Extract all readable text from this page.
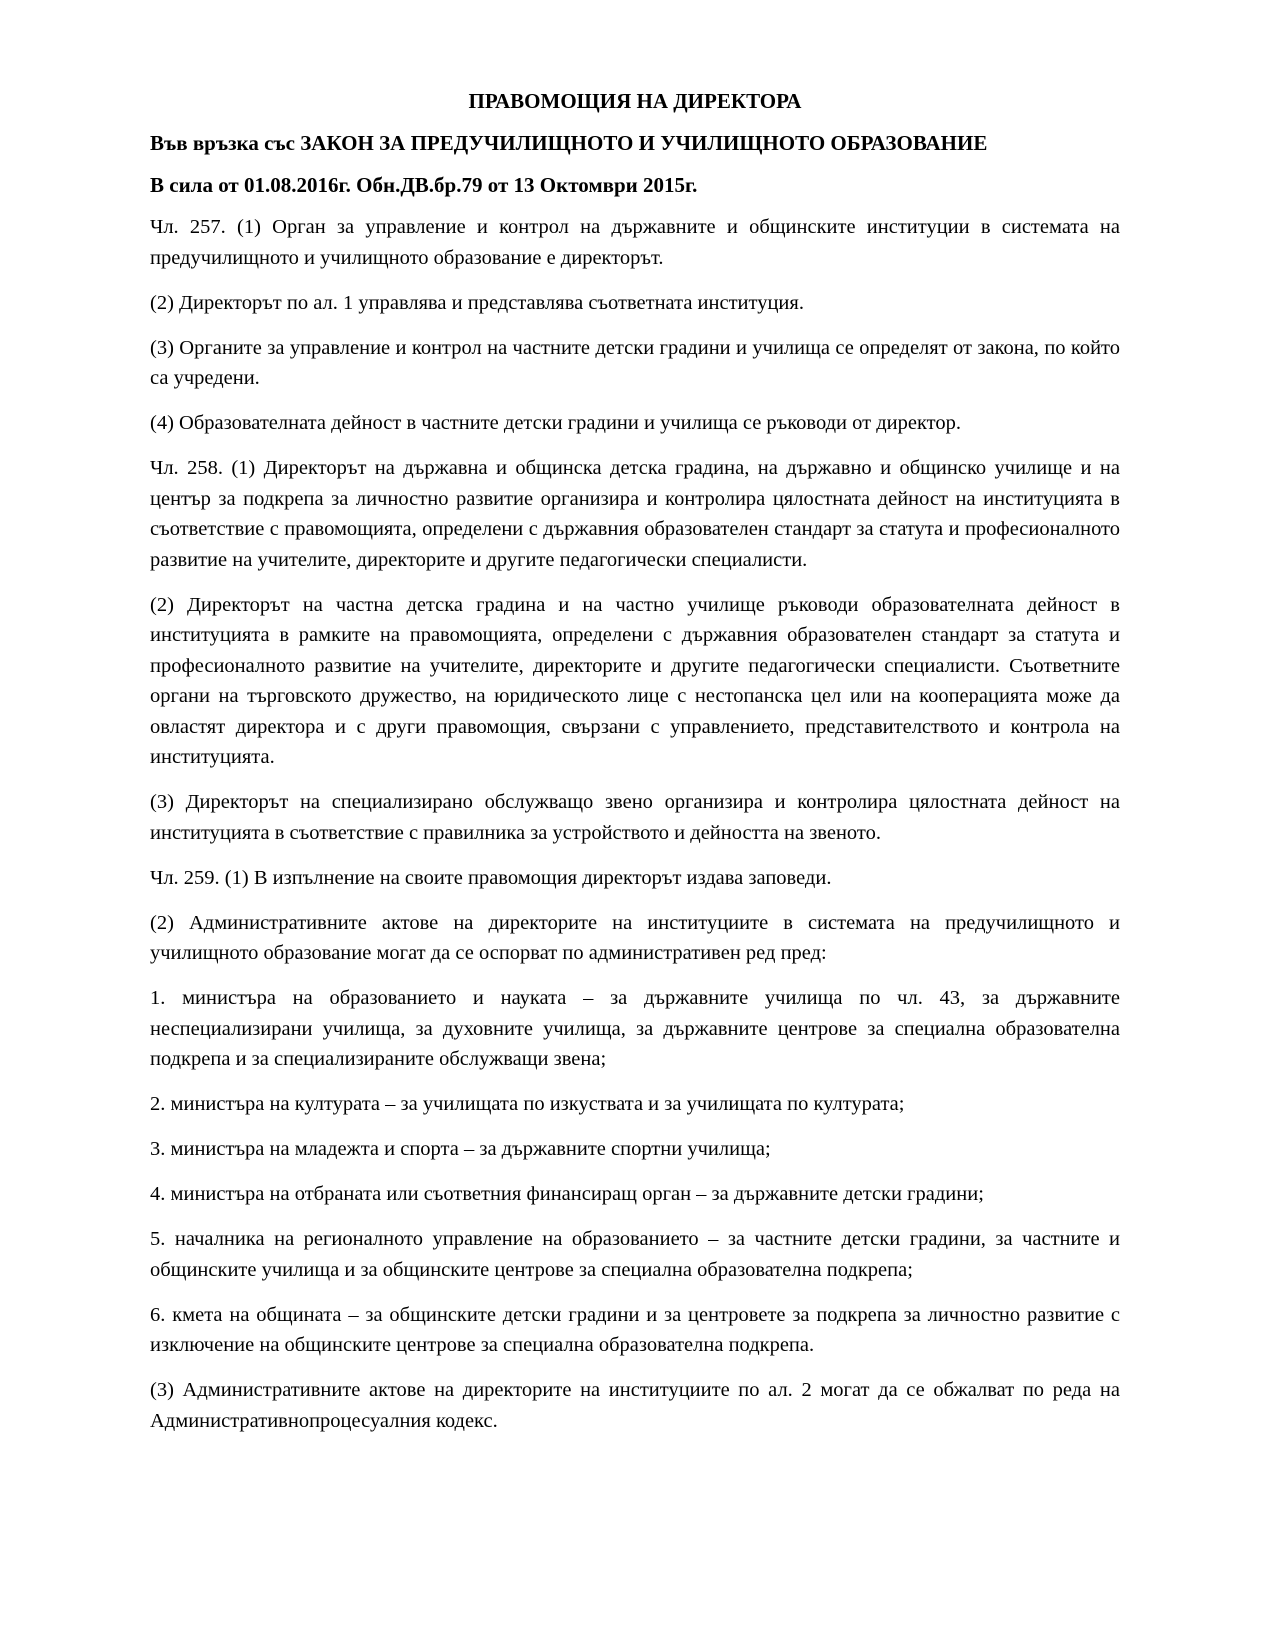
ПРАВОМОЩИЯ НА ДИРЕКТОРА
Във връзка със ЗАКОН ЗА ПРЕДУЧИЛИЩНОТО И УЧИЛИЩНОТО ОБРАЗОВАНИЕ
В сила от 01.08.2016г. Обн.ДВ.бр.79 от 13 Октомври 2015г.

Чл. 257. (1) Орган за управление и контрол на държавните и общинските институции в системата на предучилищното и училищното образование е директорът.

(2) Директорът по ал. 1 управлява и представлява съответната институция.

(3) Органите за управление и контрол на частните детски градини и училища се определят от закона, по който са учредени.

(4) Образователната дейност в частните детски градини и училища се ръководи от директор.

Чл. 258. (1) Директорът на държавна и общинска детска градина, на държавно и общинско училище и на център за подкрепа за личностно развитие организира и контролира цялостната дейност на институцията в съответствие с правомощията, определени с държавния образователен стандарт за статута и професионалното развитие на учителите, директорите и другите педагогически специалисти.

(2) Директорът на частна детска градина и на частно училище ръководи образователната дейност в институцията в рамките на правомощията, определени с държавния образователен стандарт за статута и професионалното развитие на учителите, директорите и другите педагогически специалисти. Съответните органи на търговското дружество, на юридическото лице с нестопанска цел или на кооперацията може да овластят директора и с други правомощия, свързани с управлението, представителството и контрола на институцията.

(3) Директорът на специализирано обслужващо звено организира и контролира цялостната дейност на институцията в съответствие с правилника за устройството и дейността на звеното.

Чл. 259. (1) В изпълнение на своите правомощия директорът издава заповеди.

(2) Административните актове на директорите на институциите в системата на предучилищното и училищното образование могат да се оспорват по административен ред пред:

1. министъра на образованието и науката – за държавните училища по чл. 43, за държавните неспециализирани училища, за духовните училища, за държавните центрове за специална образователна подкрепа и за специализираните обслужващи звена;

2. министъра на културата – за училищата по изкуствата и за училищата по културата;

3. министъра на младежта и спорта – за държавните спортни училища;

4. министъра на отбраната или съответния финансиращ орган – за държавните детски градини;

5. началника на регионалното управление на образованието – за частните детски градини, за частните и общинските училища и за общинските центрове за специална образователна подкрепа;

6. кмета на общината – за общинските детски градини и за центровете за подкрепа за личностно развитие с изключение на общинските центрове за специална образователна подкрепа.

(3) Административните актове на директорите на институциите по ал. 2 могат да се обжалват по реда на Административнопроцесуалния кодекс.
